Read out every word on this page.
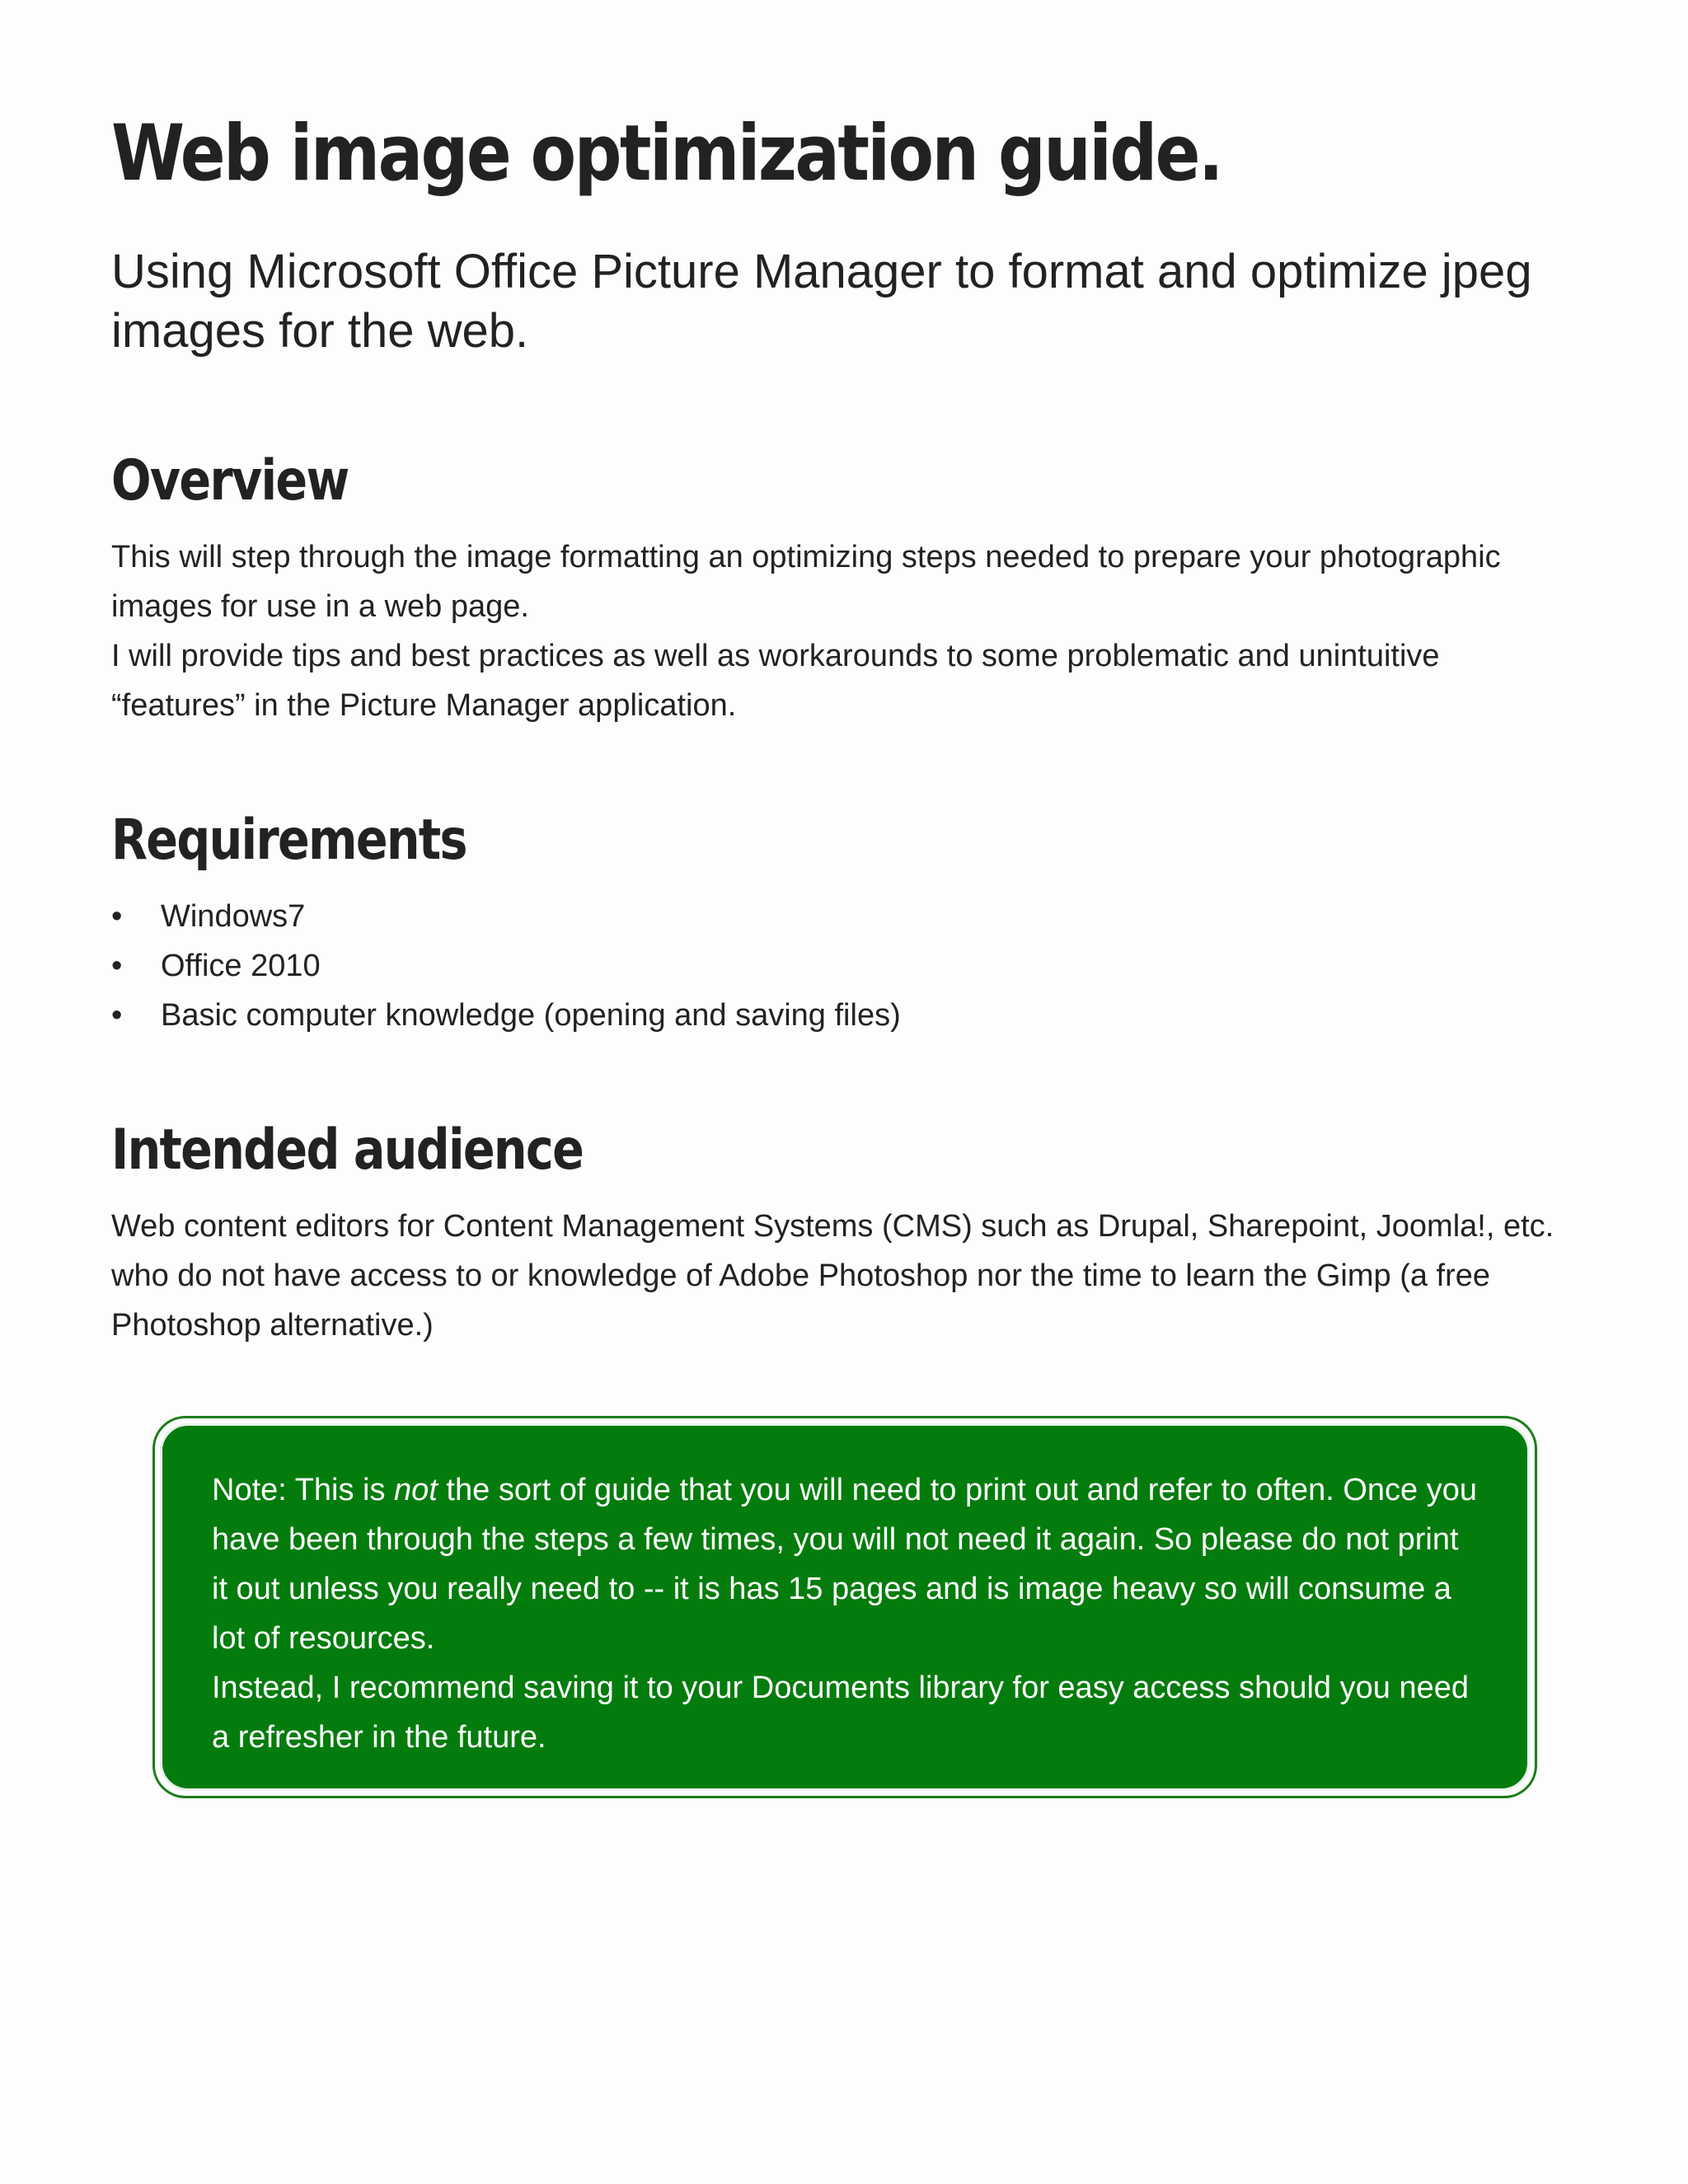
Web image optimization guide.
Using Microsoft Office Picture Manager to format and optimize jpeg images for the web.
Overview

This will step through the image formatting an optimizing steps needed to prepare your photographic images for use in a web page.

I will provide tips and best practices as well as workarounds to some problematic and unintuitive “features” in the Picture Manager application.

Requirements
• Windows7
• Office 2010
• Basic computer knowledge (opening and saving files)
Intended audience

Web content editors for Content Management Systems (CMS) such as Drupal, Sharepoint, Joomla!, etc. who do not have access to or knowledge of Adobe Photoshop nor the time to learn the Gimp (a free Photoshop alternative.)

Note: This is not the sort of guide that you will need to print out and refer to often. Once you have been through the steps a few times, you will not need it again. So please do not print it out unless you really need to -- it is has 15 pages and is image heavy so will consume a lot of resources.

Instead, I recommend saving it to your Documents library for easy access should you need a refresher in the future.
